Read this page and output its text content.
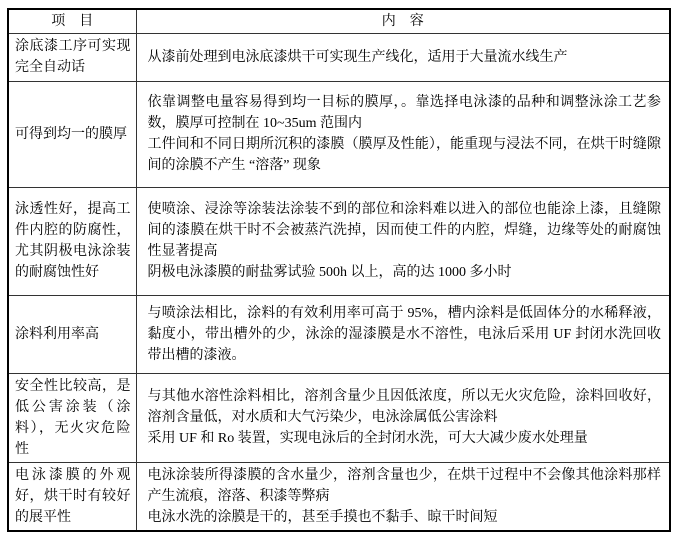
项　目	内　容
涂底漆工序可实现完全自动话	从漆前处理到电泳底漆烘干可实现生产线化，适用于大量流水线生产

可得到均一的膜厚	依靠调整电量容易得到均一目标的膜厚，。靠选择电泳漆的品种和调整泳涂工艺参数，膜厚可控制在 10~35um 范围内
工件间和不同日期所沉积的漆膜（膜厚及性能），能重现与浸法不同，在烘干时缝隙间的涂膜不产生 “溶落” 现象

泳透性好，提高工件内腔的防腐性，尤其阴极电泳涂装的耐腐蚀性好	使喷涂、浸涂等涂装法涂装不到的部位和涂料难以进入的部位也能涂上漆，且缝隙间的漆膜在烘干时不会被蒸汽洗掉，因而使工件的内腔，焊缝，边缘等处的耐腐蚀性显著提高
阴极电泳漆膜的耐盐雾试验 500h 以上，高的达 1000 多小时

涂料利用率高	与喷涂法相比，涂料的有效利用率可高于 95%，槽内涂料是低固体分的水稀释液，黏度小，带出槽外的少，泳涂的湿漆膜是水不溶性，电泳后采用 UF 封闭水洗回收带出槽的漆液。

安全性比较高，是低公害涂装（涂料），无火灾危险性	与其他水溶性涂料相比，溶剂含量少且因低浓度，所以无火灾危险，涂料回收好，溶剂含量低，对水质和大气污染少，电泳涂属低公害涂料
采用 UF 和 Ro 装置，实现电泳后的全封闭水洗，可大大减少废水处理量

电泳漆膜的外观好，烘干时有较好的展平性	电泳涂装所得漆膜的含水量少，溶剂含量也少，在烘干过程中不会像其他涂料那样产生流痕，溶落、积漆等弊病
电泳水洗的涂膜是干的，甚至手摸也不黏手、晾干时间短
